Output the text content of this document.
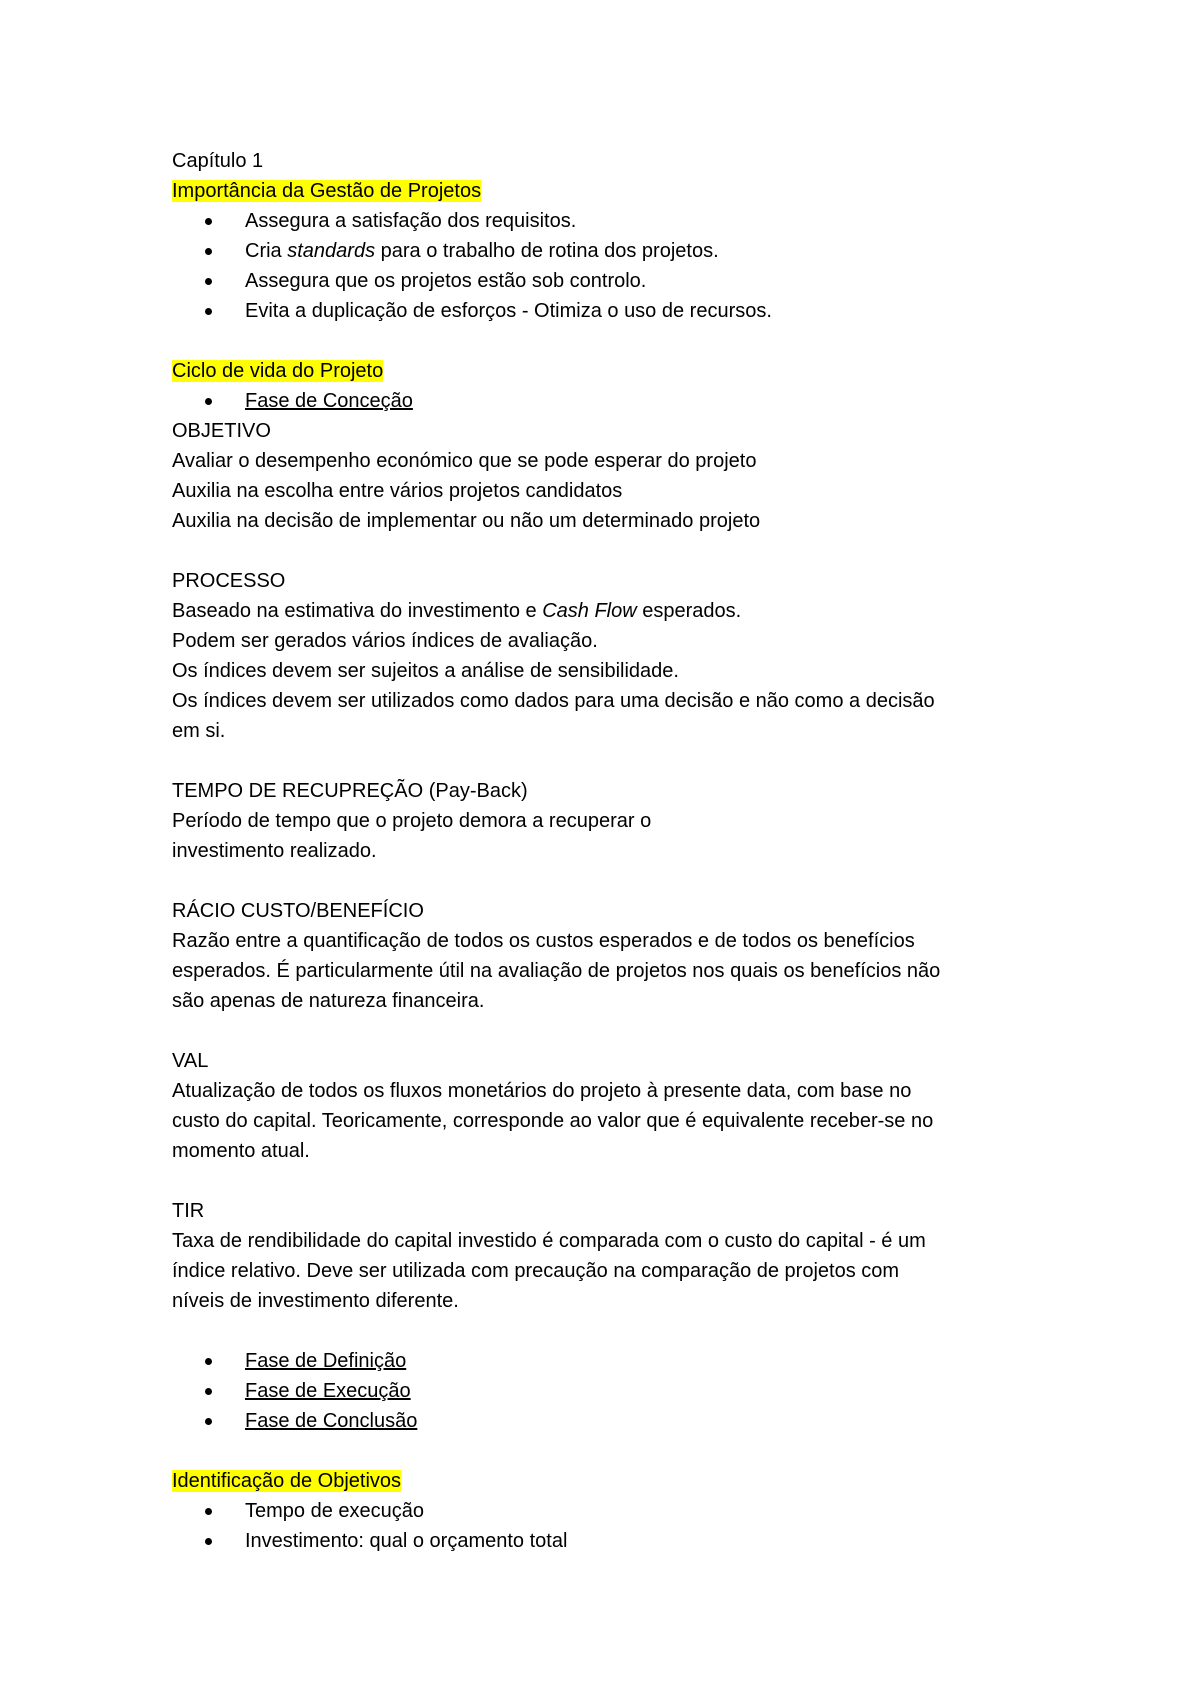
Capítulo 1

Importância da Gestão de Projetos

Assegura a satisfação dos requisitos.
Cria standards para o trabalho de rotina dos projetos.
Assegura que os projetos estão sob controlo.
Evita a duplicação de esforços - Otimiza o uso de recursos.

Ciclo de vida do Projeto

Fase de Conceção

OBJETIVO

Avaliar o desempenho económico que se pode esperar do projeto

Auxilia na escolha entre vários projetos candidatos

Auxilia na decisão de implementar ou não um determinado projeto

PROCESSO

Baseado na estimativa do investimento e Cash Flow esperados.

Podem ser gerados vários índices de avaliação.

Os índices devem ser sujeitos a análise de sensibilidade.

Os índices devem ser utilizados como dados para uma decisão e não como a decisão

em si.

TEMPO DE RECUPREÇÃO (Pay-Back)

Período de tempo que o projeto demora a recuperar o

investimento realizado.

RÁCIO CUSTO/BENEFÍCIO

Razão entre a quantificação de todos os custos esperados e de todos os benefícios

esperados. É particularmente útil na avaliação de projetos nos quais os benefícios não

são apenas de natureza financeira.

VAL

Atualização de todos os fluxos monetários do projeto à presente data, com base no

custo do capital. Teoricamente, corresponde ao valor que é equivalente receber-se no

momento atual.

TIR

Taxa de rendibilidade do capital investido é comparada com o custo do capital - é um

índice relativo. Deve ser utilizada com precaução na comparação de projetos com

níveis de investimento diferente.

Fase de Definição
Fase de Execução
Fase de Conclusão

Identificação de Objetivos

Tempo de execução
Investimento: qual o orçamento total
